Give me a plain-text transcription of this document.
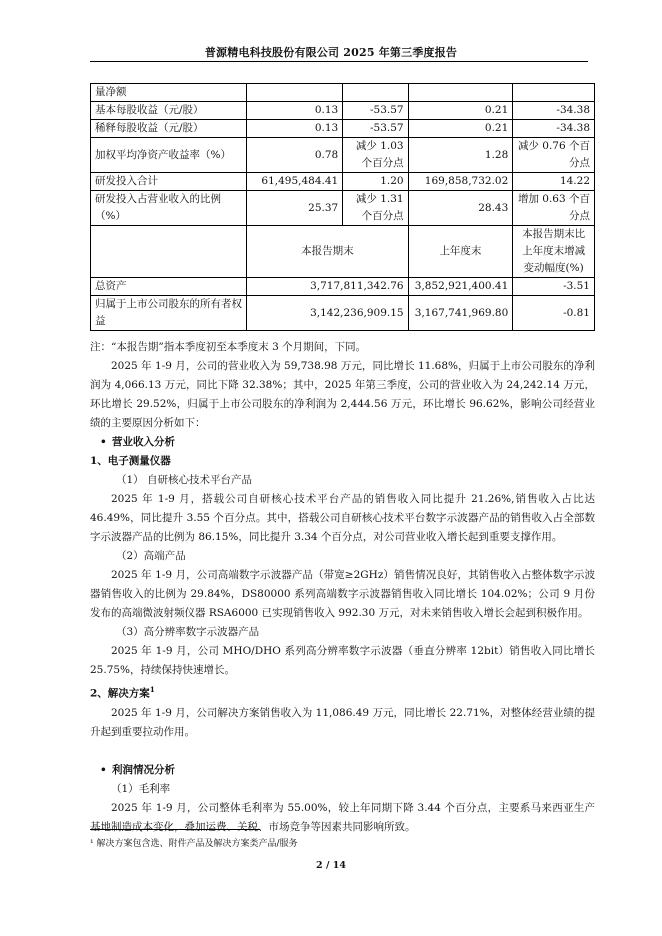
普源精电科技股份有限公司 2025 年第三季度报告
量净额				
基本每股收益（元/股）	0.13	-53.57	0.21	-34.38
稀释每股收益（元/股）	0.13	-53.57	0.21	-34.38
加权平均净资产收益率（%）	0.78	减少 1.03 个百分点	1.28	减少 0.76 个百分点
研发投入合计	61,495,484.41	1.20	169,858,732.02	14.22
研发投入占营业收入的比例（%）	25.37	减少 1.31 个百分点	28.43	增加 0.63 个百分点
	本报告期末		上年度末	本报告期末比上年度末增减变动幅度(%)
总资产	3,717,811,342.76		3,852,921,400.41	-3.51
归属于上市公司股东的所有者权益	3,142,236,909.15		3,167,741,969.80	-0.81

注：“本报告期”指本季度初至本季度末 3 个月期间，下同。

2025 年 1-9 月，公司的营业收入为 59,738.98 万元，同比增长 11.68%，归属于上市公司股东的净利润为 4,066.13 万元，同比下降 32.38%；其中，2025 年第三季度，公司的营业收入为 24,242.14 万元，环比增长 29.52%，归属于上市公司股东的净利润为 2,444.56 万元，环比增长 96.62%，影响公司经营业绩的主要原因分析如下：

• 营业收入分析

1、电子测量仪器

（1） 自研核心技术平台产品

2025 年 1-9 月，搭载公司自研核心技术平台产品的销售收入同比提升 21.26%,销售收入占比达 46.49%，同比提升 3.55 个百分点。其中，搭载公司自研核心技术平台数字示波器产品的销售收入占全部数字示波器产品的比例为 86.15%，同比提升 3.34 个百分点，对公司营业收入增长起到重要支撑作用。

（2）高端产品

2025 年 1-9 月，公司高端数字示波器产品（带宽≥2GHz）销售情况良好，其销售收入占整体数字示波器销售收入的比例为 29.84%，DS80000 系列高端数字示波器销售收入同比增长 104.02%；公司 9 月份发布的高端微波射频仪器 RSA6000 已实现销售收入 992.30 万元，对未来销售收入增长会起到积极作用。

（3）高分辨率数字示波器产品

2025 年 1-9 月，公司 MHO/DHO 系列高分辨率数字示波器（垂直分辨率 12bit）销售收入同比增长 25.75%，持续保持快速增长。

2、解决方案$^1$

2025 年 1-9 月，公司解决方案销售收入为 11,086.49 万元，同比增长 22.71%，对整体经营业绩的提升起到重要拉动作用。

• 利润情况分析

（1）毛利率

2025 年 1-9 月，公司整体毛利率为 55.00%，较上年同期下降 3.44 个百分点，主要系马来西亚生产基地制造成本变化，叠加运费、关税、市场竞争等因素共同影响所致。

¹ 解决方案包含选、附件产品及解决方案类产品/服务
2 / 14
